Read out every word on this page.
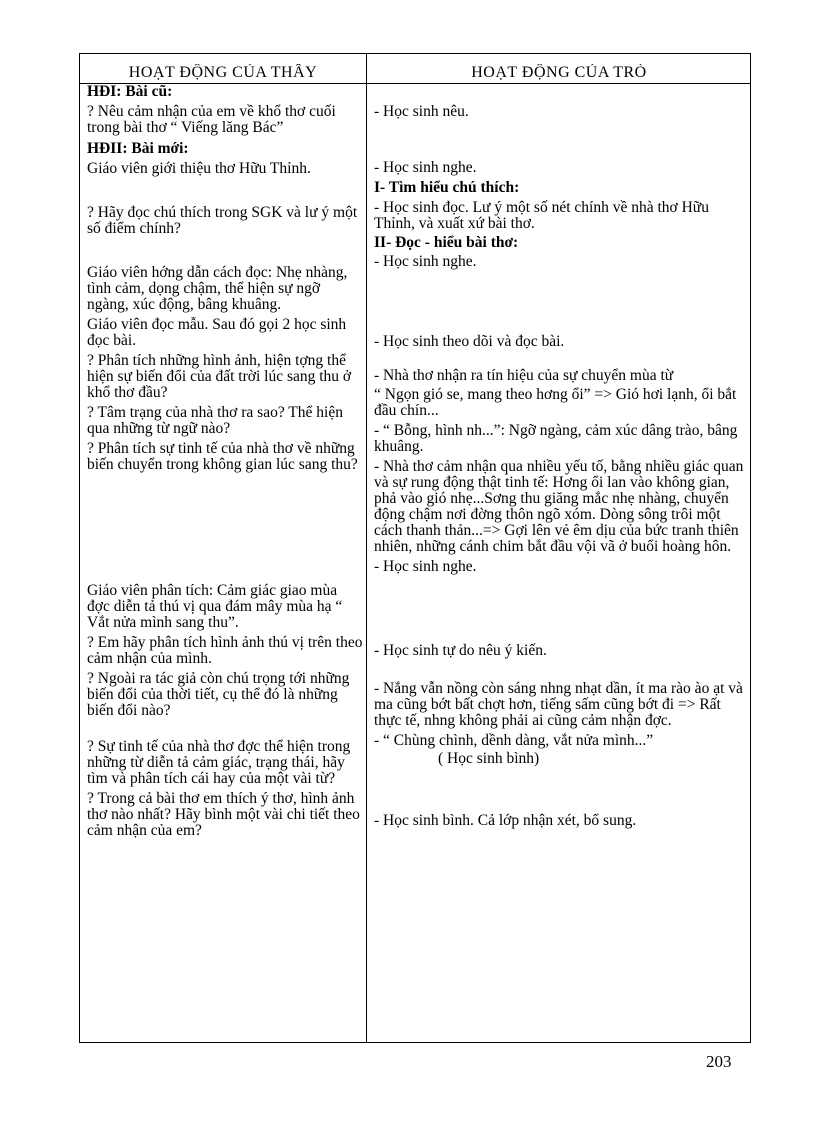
HOẠT ĐỘNG CỦA THẦY	HOẠT ĐỘNG CỦA TRÒ

HĐI: Bài cũ:

? Nêu cảm nhận của em về khổ thơ cuối trong bài thơ “ Viếng lăng Bác”

HĐII: Bài mới:

Giáo viên giới thiệu thơ Hữu Thỉnh.

? Hãy đọc chú thích trong SGK và lư ý một số điểm chính?

Giáo viên hớng dẫn cách đọc: Nhẹ nhàng, tình cảm, dọng chậm, thể hiện sự ngỡ ngàng, xúc động, bâng khuâng.

Giáo viên đọc mẫu. Sau đó gọi 2 học sinh đọc bài.

? Phân tích những hình ảnh, hiện tợng thể hiện sự biến đổi của đất trời lúc sang thu ở khổ thơ đầu?

? Tâm trạng của nhà thơ ra sao? Thể hiện qua những từ ngữ nào?

? Phân tích sự tinh tế của nhà thơ về những biến chuyển trong không gian lúc sang thu?

Giáo viên phân tích: Cảm giác giao mùa đợc diễn tả thú vị qua đám mây mùa hạ “ Vắt nửa mình sang thu”.

? Em hãy phân tích hình ảnh thú vị trên theo cảm nhận của mình.

? Ngoài ra tác giả còn chú trọng tới những biến đổi của thời tiết, cụ thể đó là những biến đổi nào?

? Sự tinh tế của nhà thơ đợc thể hiện trong những từ diễn tả cảm giác, trạng thái, hãy tìm và phân tích cái hay của một vài từ?

? Trong cả bài thơ em thích ý thơ, hình ảnh thơ nào nhất? Hãy bình một vài chi tiết theo cảm nhận của em?

- Học sinh nêu.

- Học sinh nghe.

I- Tìm hiểu chú thích:

- Học sinh đọc. Lư ý một số nét chính về nhà thơ Hữu Thỉnh, và xuất xứ bài thơ.

II- Đọc - hiểu bài thơ:

- Học sinh nghe.

- Học sinh theo dõi và đọc bài.

- Nhà thơ nhận ra tín hiệu của sự chuyển mùa từ

“ Ngọn gió se, mang theo hơng ổi” => Gió hơi lạnh, ổi bắt đầu chín...

- “ Bỗng, hình nh...”: Ngỡ ngàng, cảm xúc dâng trào, bâng khuâng.

- Nhà thơ cảm nhận qua nhiều yếu tố, bằng nhiều giác quan và sự rung động thật tinh tế: Hơng ổi lan vào không gian, phả vào gió nhẹ...Sơng thu giăng mắc nhẹ nhàng, chuyển động chậm nơi đờng thôn ngõ xóm. Dòng sông trôi một cách thanh thản...=> Gợi lên vẻ êm dịu của bức tranh thiên nhiên, những cánh chim bắt đầu vội vã ở buổi hoàng hôn.

- Học sinh nghe.

- Học sinh tự do nêu ý kiến.

- Nắng vẫn nồng còn sáng nhng nhạt dần, ít ma rào ào ạt và ma cũng bớt bất chợt hơn, tiếng sấm cũng bớt đi => Rất thực tế, nhng không phải ai cũng cảm nhận đợc.

- “ Chùng chình, dềnh dàng, vắt nửa mình...”

( Học sinh bình)

- Học sinh bình. Cả lớp nhận xét, bổ sung.

203
